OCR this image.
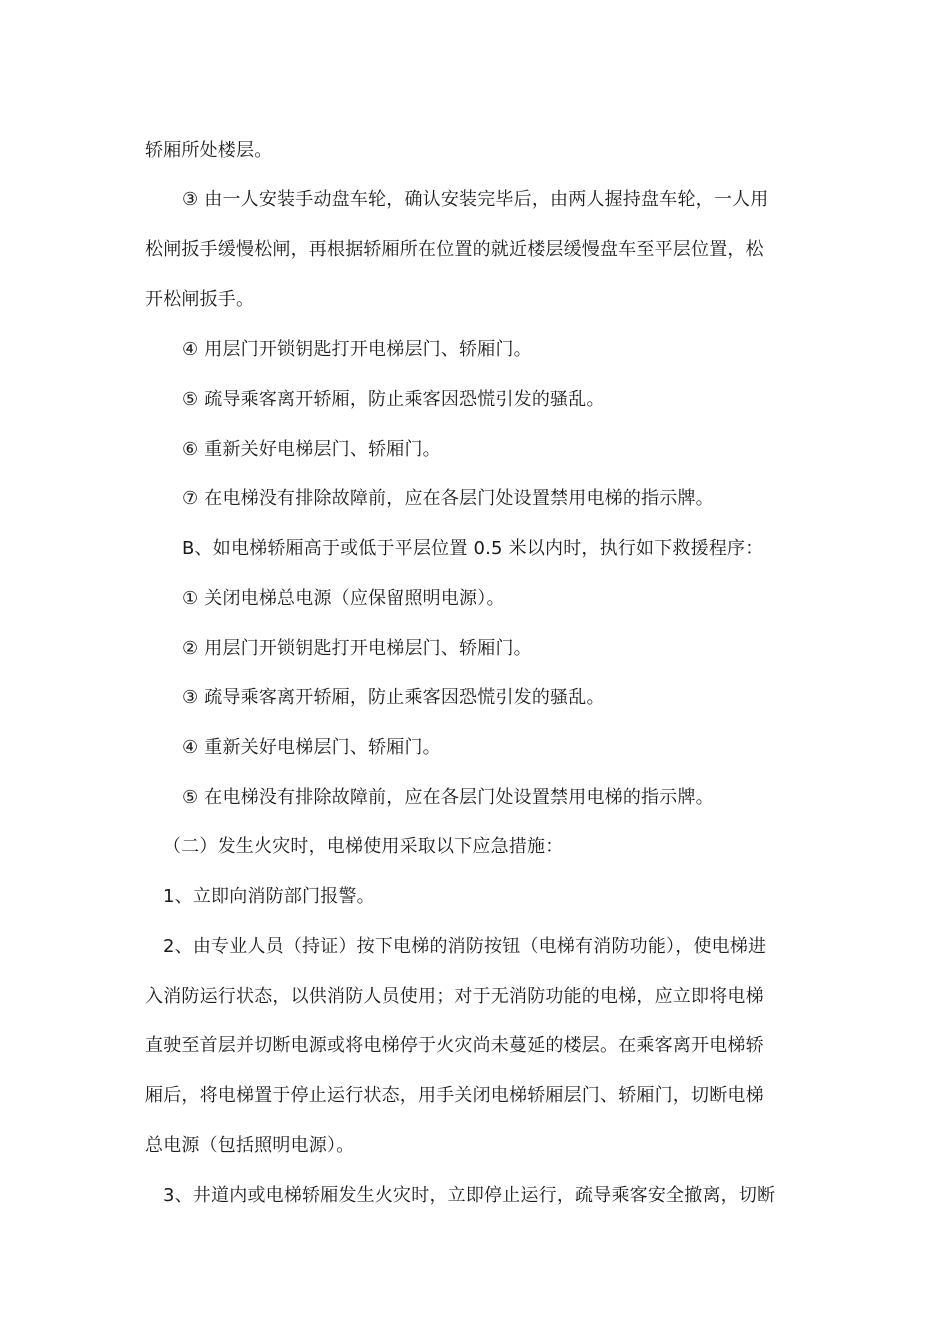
轿厢所处楼层。

③ 由一人安装手动盘车轮，确认安装完毕后，由两人握持盘车轮，一人用

松闸扳手缓慢松闸，再根据轿厢所在位置的就近楼层缓慢盘车至平层位置，松

开松闸扳手。

④ 用层门开锁钥匙打开电梯层门、轿厢门。

⑤ 疏导乘客离开轿厢，防止乘客因恐慌引发的骚乱。

⑥ 重新关好电梯层门、轿厢门。

⑦ 在电梯没有排除故障前，应在各层门处设置禁用电梯的指示牌。

B、如电梯轿厢高于或低于平层位置 0.5 米以内时，执行如下救援程序：

① 关闭电梯总电源（应保留照明电源）。

② 用层门开锁钥匙打开电梯层门、轿厢门。

③ 疏导乘客离开轿厢，防止乘客因恐慌引发的骚乱。

④ 重新关好电梯层门、轿厢门。

⑤ 在电梯没有排除故障前，应在各层门处设置禁用电梯的指示牌。

（二）发生火灾时，电梯使用采取以下应急措施：

1、立即向消防部门报警。

2、由专业人员（持证）按下电梯的消防按钮（电梯有消防功能），使电梯进

入消防运行状态，以供消防人员使用；对于无消防功能的电梯，应立即将电梯

直驶至首层并切断电源或将电梯停于火灾尚未蔓延的楼层。在乘客离开电梯轿

厢后，将电梯置于停止运行状态，用手关闭电梯轿厢层门、轿厢门，切断电梯

总电源（包括照明电源）。

3、井道内或电梯轿厢发生火灾时，立即停止运行，疏导乘客安全撤离，切断
